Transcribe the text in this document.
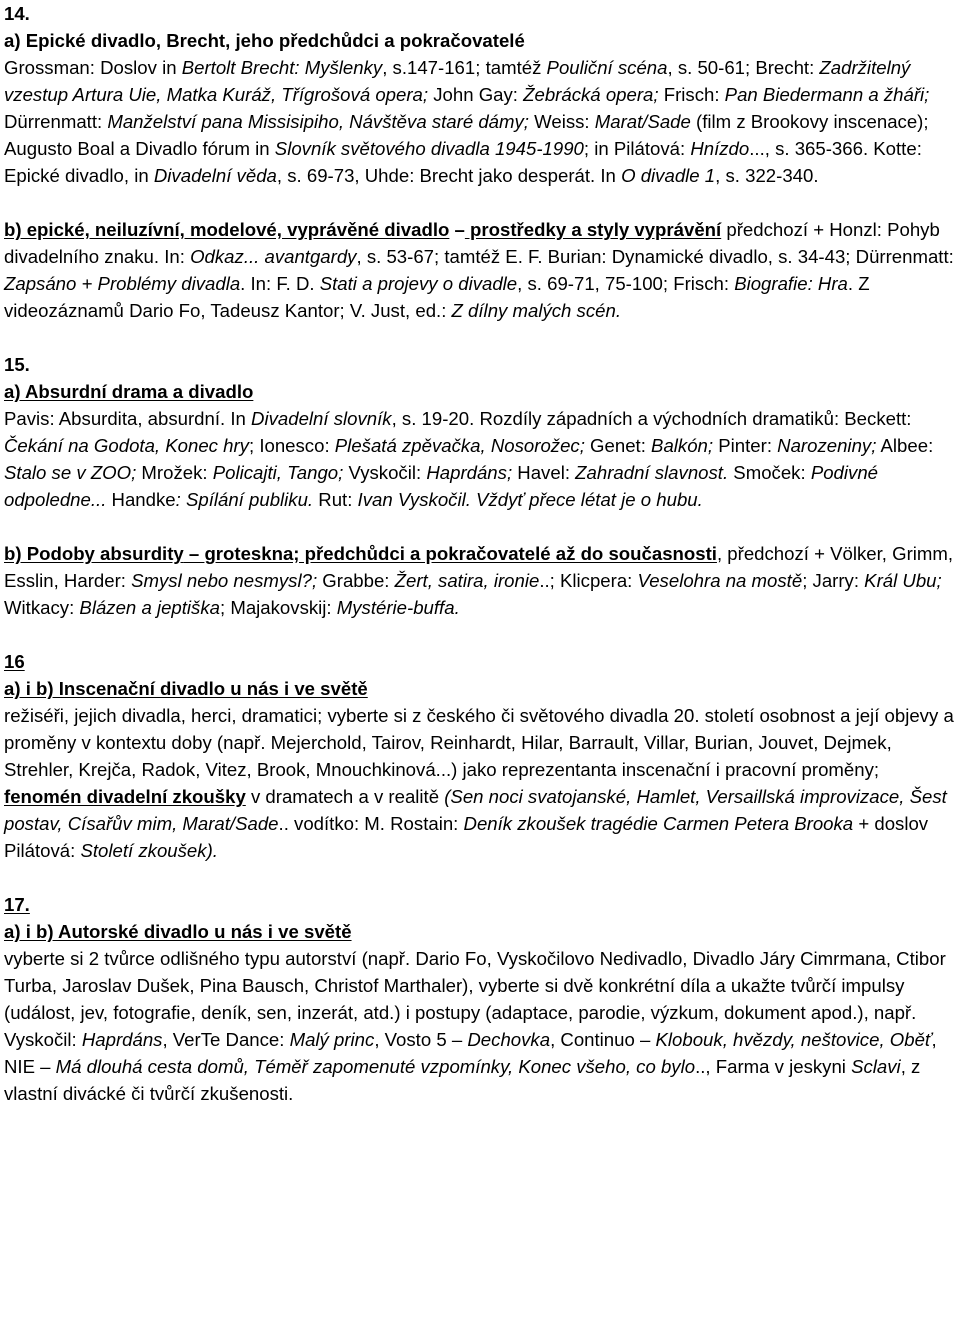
14.

a) Epické divadlo, Brecht, jeho předchůdci a pokračovatelé

Grossman: Doslov in Bertolt Brecht: Myšlenky, s.147-161; tamtéž Pouliční scéna, s. 50-61; Brecht: Zadržitelný vzestup Artura Uie, Matka Kuráž, Třígrošová opera; John Gay: Žebrácká opera; Frisch: Pan Biedermann a žháři; Dürrenmatt: Manželství pana Missisipiho, Návštěva staré dámy; Weiss: Marat/Sade (film z Brookovy inscenace); Augusto Boal a Divadlo fórum in Slovník světového divadla 1945-1990; in Pilátová: Hnízdo..., s. 365-366. Kotte: Epické divadlo, in Divadelní věda, s. 69-73, Uhde: Brecht jako desperát. In O divadle 1, s. 322-340.

b) epické, neiluzívní, modelové, vyprávěné divadlo – prostředky a styly vyprávění předchozí + Honzl: Pohyb divadelního znaku. In: Odkaz... avantgardy, s. 53-67; tamtéž E. F. Burian: Dynamické divadlo, s. 34-43; Dürrenmatt: Zapsáno + Problémy divadla. In: F. D. Stati a projevy o divadle, s. 69-71, 75-100; Frisch: Biografie: Hra. Z videozáznamů Dario Fo, Tadeusz Kantor; V. Just, ed.: Z dílny malých scén.

15.

a) Absurdní drama a divadlo

Pavis: Absurdita, absurdní. In Divadelní slovník, s. 19-20. Rozdíly západních a východních dramatiků: Beckett: Čekání na Godota, Konec hry; Ionesco: Plešatá zpěvačka, Nosorožec; Genet: Balkón; Pinter: Narozeniny; Albee: Stalo se v ZOO; Mrožek: Policajti, Tango; Vyskočil: Haprdáns; Havel: Zahradní slavnost. Smoček: Podivné odpoledne... Handke: Spílání publiku. Rut: Ivan Vyskočil. Vždyť přece létat je o hubu.

b) Podoby absurdity – groteskna; předchůdci a pokračovatelé až do současnosti, předchozí + Völker, Grimm, Esslin, Harder: Smysl nebo nesmysl?; Grabbe: Žert, satira, ironie..; Klicpera: Veselohra na mostě; Jarry: Král Ubu; Witkacy: Blázen a jeptiška; Majakovskij: Mystérie-buffa.

16

a) i b) Inscenační divadlo u nás i ve světě

režiséři, jejich divadla, herci, dramatici; vyberte si z českého či světového divadla 20. století osobnost a její objevy a proměny v kontextu doby (např. Mejerchold, Tairov, Reinhardt, Hilar, Barrault, Villar, Burian, Jouvet, Dejmek, Strehler, Krejča, Radok, Vitez, Brook, Mnouchkinová...) jako reprezentanta inscenační i pracovní proměny; fenomén divadelní zkoušky v dramatech a v realitě (Sen noci svatojanské, Hamlet, Versaillská improvizace, Šest postav, Císařův mim, Marat/Sade.. vodítko: M. Rostain: Deník zkoušek tragédie Carmen Petera Brooka + doslov Pilátová: Století zkoušek).

17.

a) i b) Autorské divadlo u nás i ve světě

vyberte si 2 tvůrce odlišného typu autorství (např. Dario Fo, Vyskočilovo Nedivadlo, Divadlo Járy Cimrmana, Ctibor Turba, Jaroslav Dušek, Pina Bausch, Christof Marthaler), vyberte si dvě konkrétní díla a ukažte tvůrčí impulsy (událost, jev, fotografie, deník, sen, inzerát, atd.) i postupy (adaptace, parodie, výzkum, dokument apod.), např. Vyskočil: Haprdáns, VerTe Dance: Malý princ, Vosto 5 – Dechovka, Continuo – Klobouk, hvězdy, neštovice, Oběť, NIE – Má dlouhá cesta domů, Téměř zapomenuté vzpomínky, Konec všeho, co bylo.., Farma v jeskyni Sclavi, z vlastní divácké či tvůrčí zkušenosti.
